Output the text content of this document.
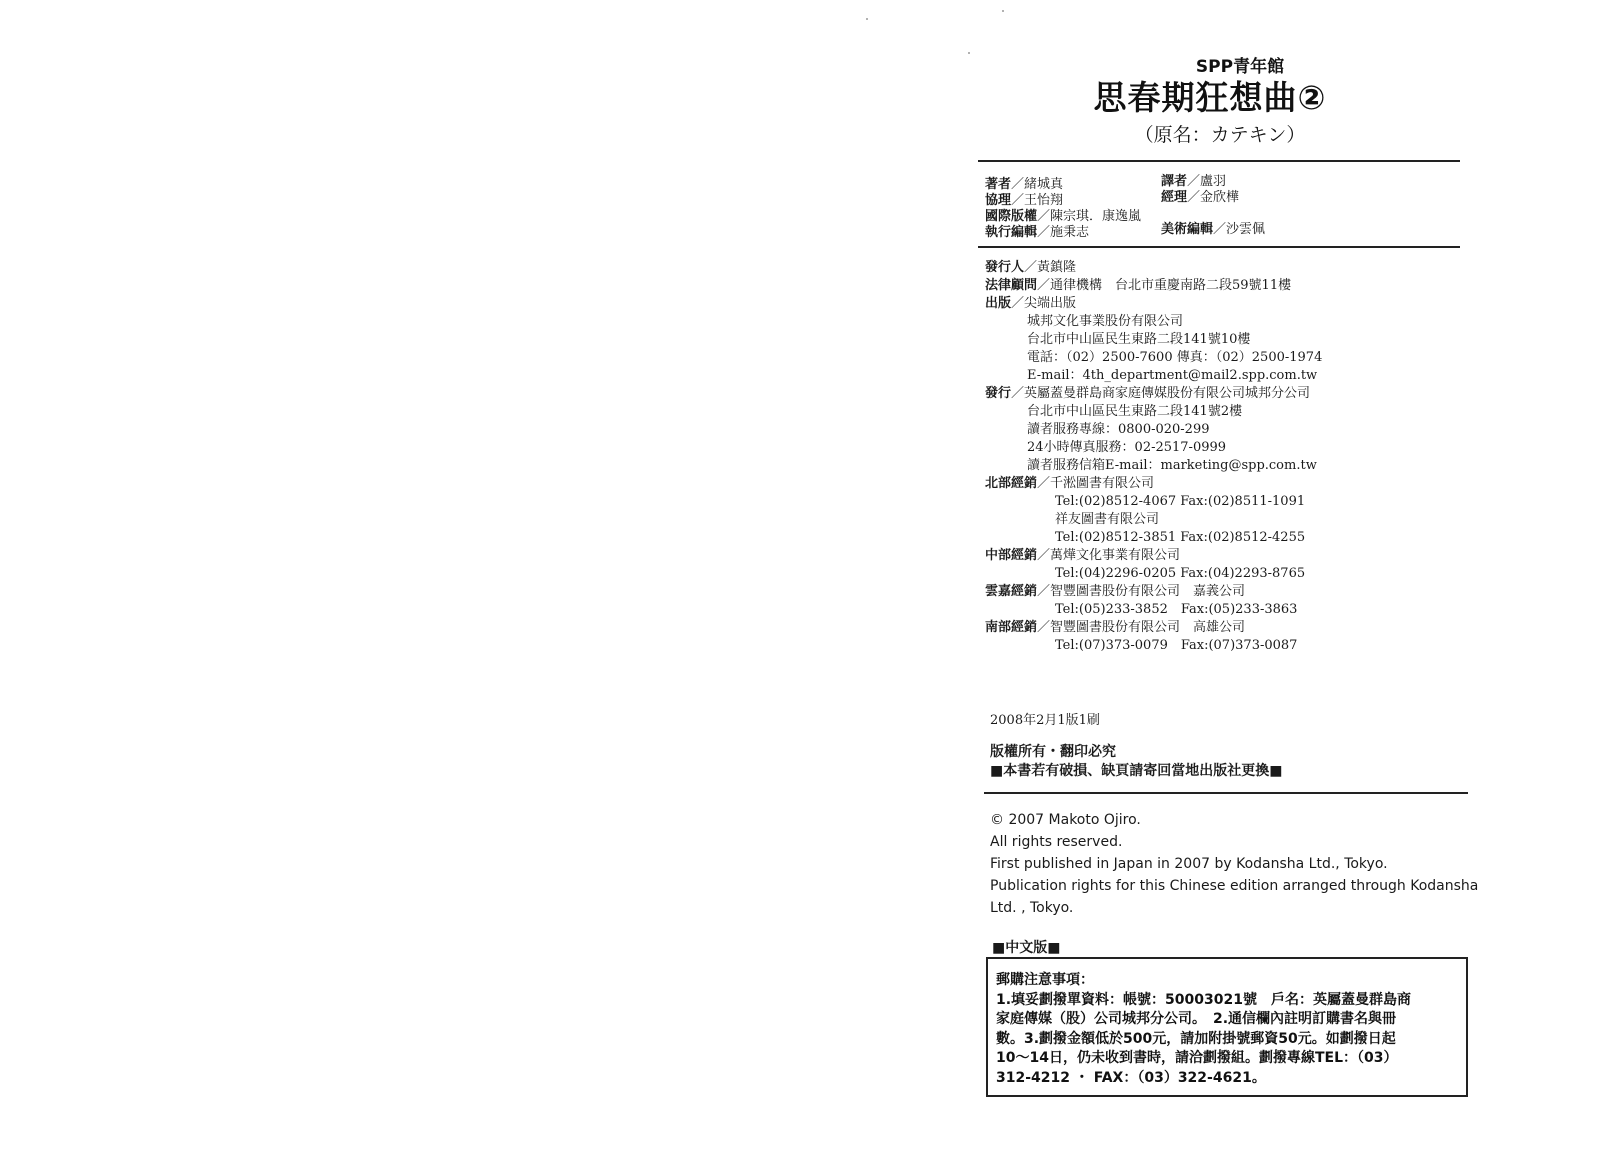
SPP青年館
思春期狂想曲②
（原名：カテキン）
著者／緒城真	譯者／盧羽
協理／王怡翔	經理／金欣樺
國際版權／陳宗琪．康逸嵐
執行編輯／施秉志	美術編輯／沙雲佩
發行人／黃鎮隆
法律顧問／通律機構　台北市重慶南路二段59號11樓
出版／尖端出版
城邦文化事業股份有限公司
台北市中山區民生東路二段141號10樓
電話：（02）2500-7600 傳真：（02）2500-1974
E-mail：4th_department@mail2.spp.com.tw
發行／英屬蓋曼群島商家庭傳媒股份有限公司城邦分公司
台北市中山區民生東路二段141號2樓
讀者服務專線：0800-020-299
24小時傳真服務：02-2517-0999
讀者服務信箱E-mail：marketing@spp.com.tw
北部經銷／千淞圖書有限公司
Tel:(02)8512-4067 Fax:(02)8511-1091
祥友圖書有限公司
Tel:(02)8512-3851 Fax:(02)8512-4255
中部經銷／萬燁文化事業有限公司
Tel:(04)2296-0205 Fax:(04)2293-8765
雲嘉經銷／智豐圖書股份有限公司　嘉義公司
Tel:(05)233-3852　Fax:(05)233-3863
南部經銷／智豐圖書股份有限公司　高雄公司
Tel:(07)373-0079　Fax:(07)373-0087
2008年2月1版1刷
版權所有・翻印必究
■本書若有破損、缺頁請寄回當地出版社更換■
© 2007 Makoto Ojiro.
All rights reserved.
First published in Japan in 2007 by Kodansha Ltd., Tokyo.
Publication rights for this Chinese edition arranged through Kodansha
Ltd. , Tokyo.
■中文版■
郵購注意事項：
1.填妥劃撥單資料：帳號：50003021號　戶名：英屬蓋曼群島商
家庭傳媒（股）公司城邦分公司。　2.通信欄內註明訂購書名與冊
數。3.劃撥金額低於500元，請加附掛號郵資50元。如劃撥日起
10～14日，仍未收到書時，請洽劃撥組。劃撥專線TEL：（03）
312-4212 ・ FAX：（03）322-4621。
